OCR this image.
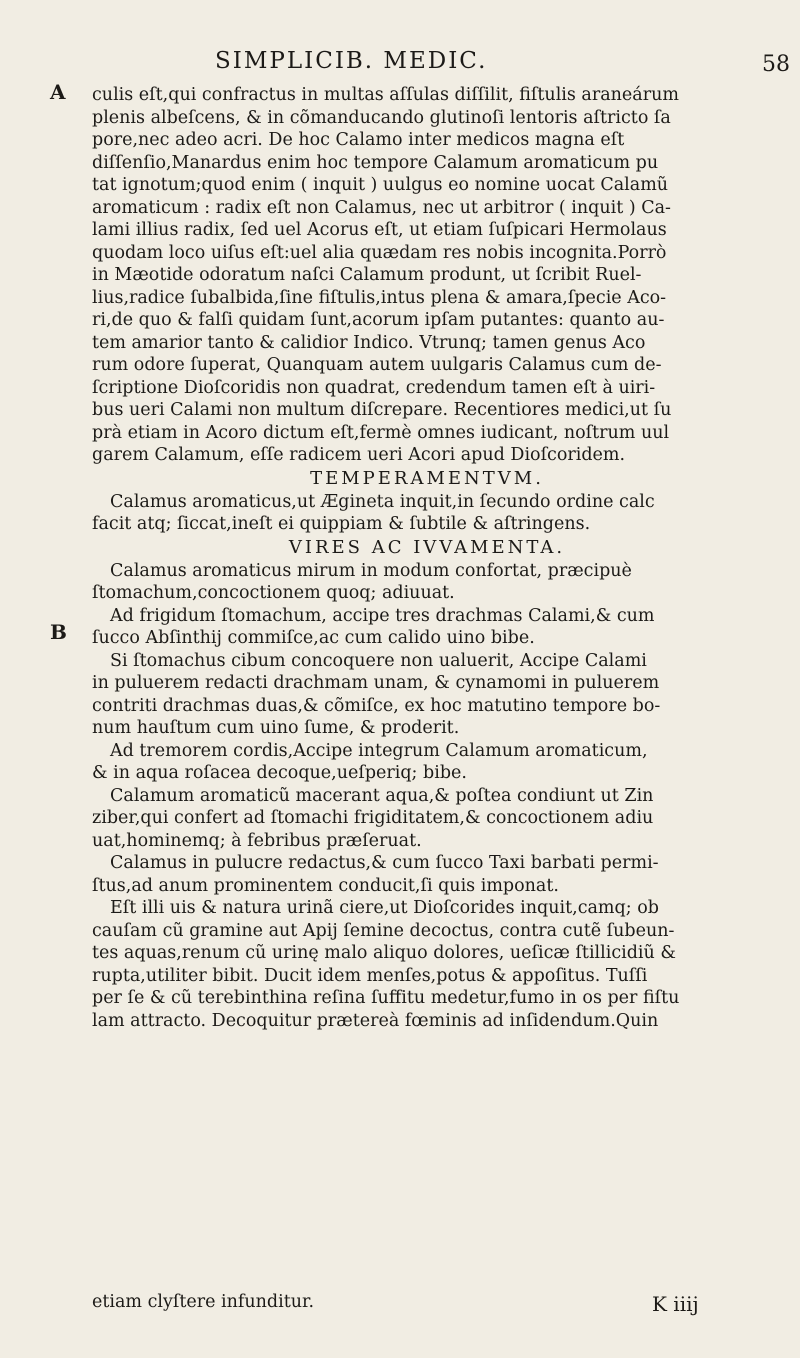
SIMPLICIB. MEDIC.	58
A
B
culis eſt,qui confractus in multas aſſulas diſſilit, fiſtulis araneárum
plenis albeſcens, & in cõmanducando glutinoſi lentoris aſtricto ſa
pore,nec adeo acri. De hoc Calamo inter medicos magna eſt
diſſenſio,Manardus enim hoc tempore Calamum aromaticum pu
tat ignotum;quod enim ( inquit ) uulgus eo nomine uocat Calamũ
aromaticum : radix eſt non Calamus, nec ut arbitror ( inquit ) Ca-
lami illius radix, ſed uel Acorus eſt, ut etiam ſuſpicari Hermolaus
quodam loco uiſus eſt:uel alia quædam res nobis incognita.Porrò
in Mæotide odoratum naſci Calamum produnt, ut ſcribit Ruel-
lius,radice ſubalbida,ſine fiſtulis,intus plena & amara,ſpecie Aco-
ri,de quo & falſi quidam ſunt,acorum ipſam putantes: quanto au-
tem amarior tanto & calidior Indico. Vtrunq; tamen genus Aco
rum odore ſuperat, Quanquam autem uulgaris Calamus cum de-
ſcriptione Dioſcoridis non quadrat, credendum tamen eſt à uiri-
bus ueri Calami non multum diſcrepare. Recentiores medici,ut ſu
prà etiam in Acoro dictum eſt,fermè omnes iudicant, noſtrum uul
garem Calamum, eſſe radicem ueri Acori apud Dioſcoridem.
TEMPERAMENTVM.
Calamus aromaticus,ut Ægineta inquit,in ſecundo ordine calc
facit atq; ſiccat,ineſt ei quippiam & ſubtile & aſtringens.
VIRES AC IVVAMENTA.
Calamus aromaticus mirum in modum confortat, præcipuè
ſtomachum,concoctionem quoq; adiuuat.
Ad frigidum ſtomachum, accipe tres drachmas Calami,& cum
ſucco Abſinthij commiſce,ac cum calido uino bibe.
Si ſtomachus cibum concoquere non ualuerit, Accipe Calami
in puluerem redacti drachmam unam, & cynamomi in puluerem
contriti drachmas duas,& cõmiſce, ex hoc matutino tempore bo-
num hauſtum cum uino ſume, & proderit.
Ad tremorem cordis,Accipe integrum Calamum aromaticum,
& in aqua roſacea decoque,ueſperiq; bibe.
Calamum aromaticũ macerant aqua,& poſtea condiunt ut Zin
ziber,qui confert ad ſtomachi frigiditatem,& concoctionem adiu
uat,hominemq; à febribus præſeruat.
Calamus in pulucre redactus,& cum ſucco Taxi barbati permi-
ſtus,ad anum prominentem conducit,ſi quis imponat.
Eſt illi uis & natura urinã ciere,ut Dioſcorides inquit,camq; ob
cauſam cũ gramine aut Apij ſemine decoctus, contra cutẽ ſubeun-
tes aquas,renum cũ urinę malo aliquo dolores, ueſicæ ſtillicidiũ &
rupta,utiliter bibit. Ducit idem menſes,potus & appoſitus. Tuſſi
per ſe & cũ terebinthina reſina ſuffitu medetur,fumo in os per fiſtu
lam attracto. Decoquitur prætereà fœminis ad inſidendum.Quin
etiam clyſtere infunditur.	K iiij
